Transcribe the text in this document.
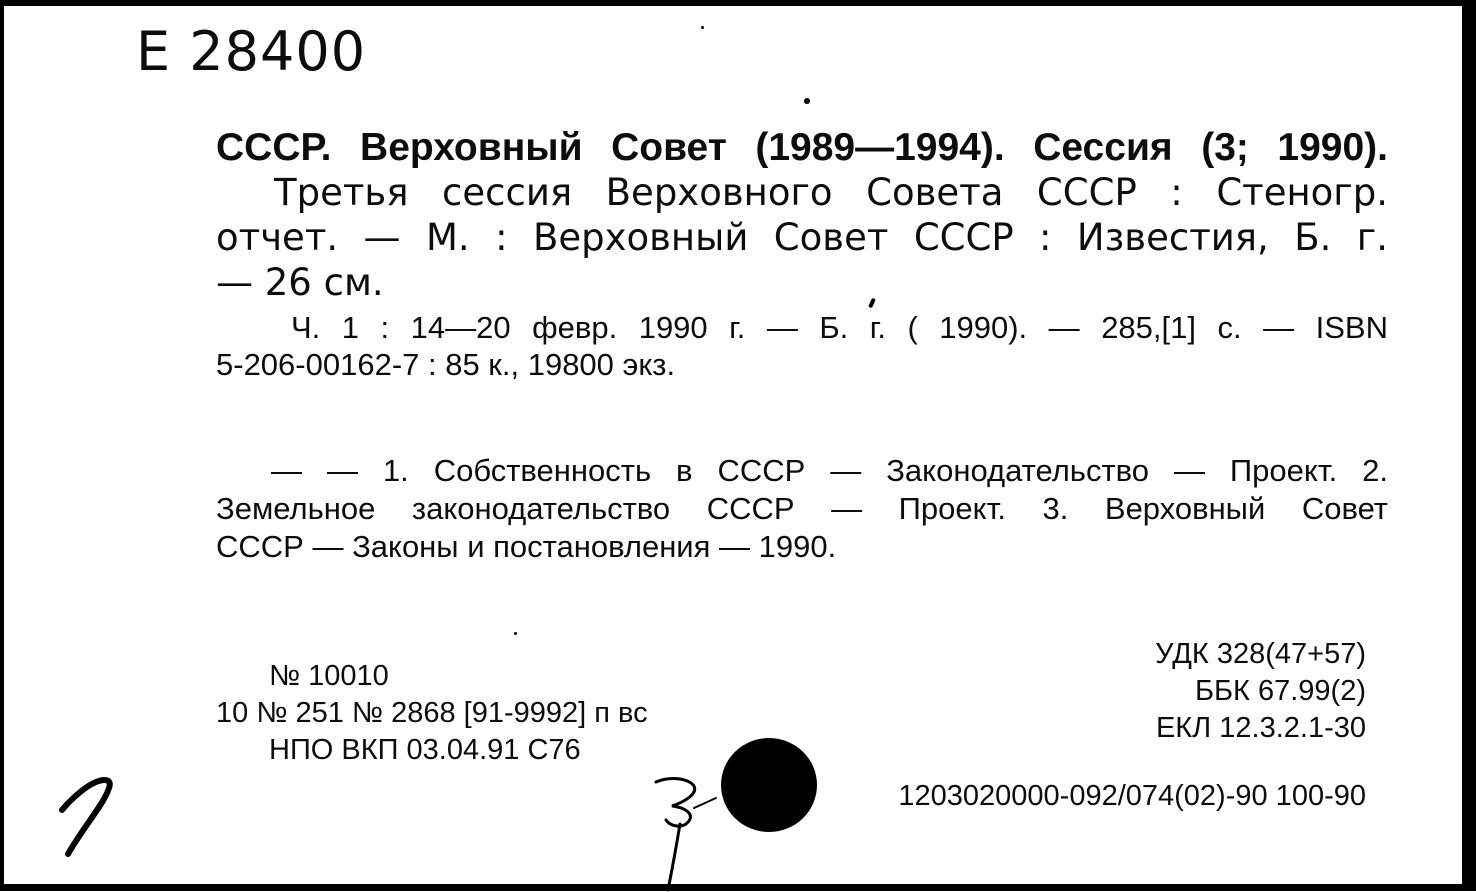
Е 28400
СССР. Верховный Совет (1989—1994). Сессия (3; 1990).
Третья сессия Верховного Совета СССР : Стеногр.
отчет. — М. : Верховный Совет СССР : Известия, Б. г.
— 26 см.
Ч. 1 : 14—20 февр. 1990 г. — Б. г. ( 1990). — 285,[1] с. — ISBN
5-206-00162-7 : 85 к., 19800 экз.
— — 1. Собственность в СССР — Законодательство — Проект. 2.
Земельное законодательство СССР — Проект. 3. Верховный Совет
СССР — Законы и постановления — 1990.
№ 10010
10 № 251 № 2868 [91-9992] п вс
НПО ВКП 03.04.91 С76
УДК 328(47+57)
ББК 67.99(2)
ЕКЛ 12.3.2.1-30
1203020000-092/074(02)-90 100-90
